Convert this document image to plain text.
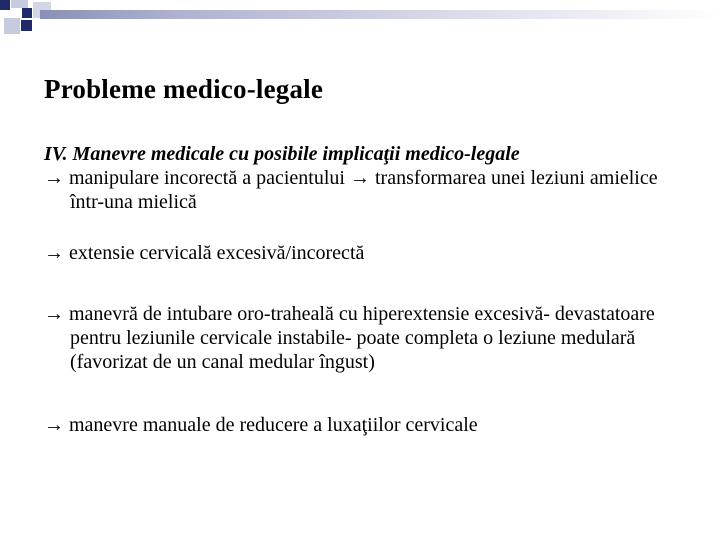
Probleme medico-legale

IV. Manevre medicale cu posibile implicaţii medico-legale

→ manipulare incorectă a pacientului → transformarea unei leziuni amielice într-una mielică

→ extensie cervicală excesivă/incorectă

→ manevră de intubare oro-traheală cu hiperextensie excesivă- devastatoare pentru leziunile cervicale instabile- poate completa o leziune medulară (favorizat de un canal medular îngust)

→ manevre manuale de reducere a luxaţiilor cervicale
